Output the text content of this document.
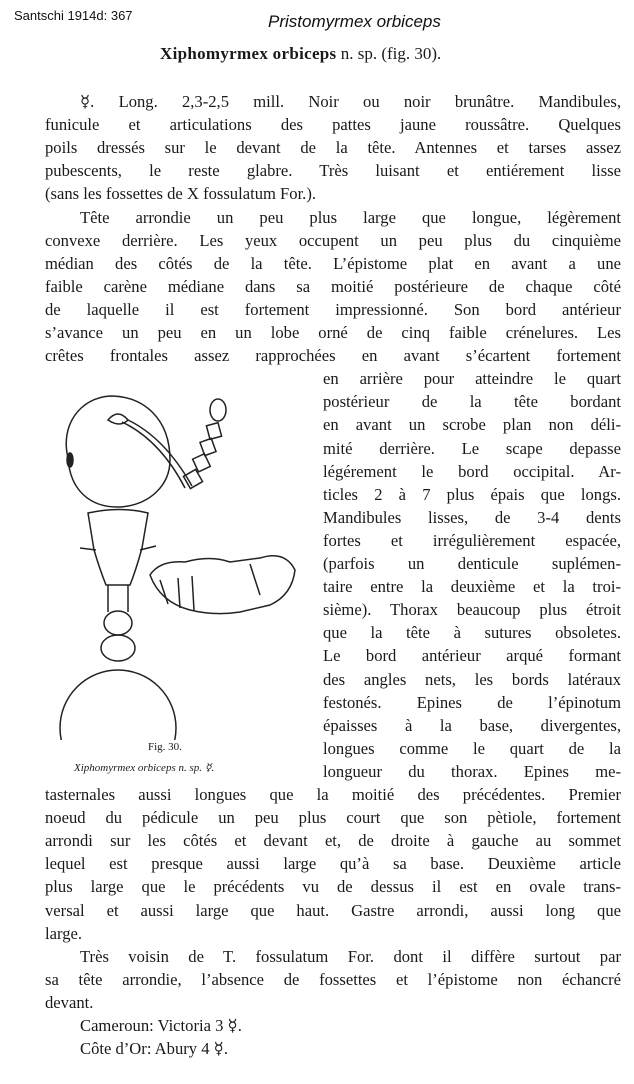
Santschi 1914d: 367	Pristomyrmex orbiceps
Xiphomyrmex orbiceps n. sp. (fig. 30).
☿. Long. 2,3-2,5 mill. Noir ou noir brunâtre. Mandibules,
funicule et articulations des pattes jaune roussâtre. Quelques
poils dressés sur le devant de la tête. Antennes et tarses assez
pubescents, le reste glabre. Très luisant et entiérement lisse
(sans les fossettes de X fossulatum For.).
Tête arrondie un peu plus large que longue, légèrement
convexe derrière. Les yeux occupent un peu plus du cinquième
médian des côtés de la tête. L’épistome plat en avant a une
faible carène médiane dans sa moitié postérieure de chaque côté
de laquelle il est fortement impressionné. Son bord antérieur
s’avance un peu en un lobe orné de cinq faible crénelures. Les
crêtes frontales assez rapprochées en avant s’écartent fortement
en arrière pour atteindre le quart
postérieur de la tête bordant
en avant un scrobe plan non déli-
mité derrière. Le scape depasse
légérement le bord occipital. Ar-
ticles 2 à 7 plus épais que longs.
Mandibules lisses, de 3-4 dents
fortes et irrégulièrement espacée,
(parfois un denticule suplémen-
taire entre la deuxième et la troi-
sième). Thorax beaucoup plus étroit
que la tête à sutures obsoletes.
Le bord antérieur arqué formant
des angles nets, les bords latéraux
festonés. Epines de l’épinotum
épaisses à la base, divergentes,
longues comme le quart de la
longueur du thorax. Epines me-
tasternales aussi longues que la moitié des précédentes. Premier
noeud du pédicule un peu plus court que son pètiole, fortement
arrondi sur les côtés et devant et, de droite à gauche au sommet
lequel est presque aussi large qu’à sa base. Deuxième article
plus large que le précédents vu de dessus il est en ovale trans-
versal et aussi large que haut. Gastre arrondi, aussi long que
large.
Très voisin de T. fossulatum For. dont il diffère surtout par
sa tête arrondie, l’absence de fossettes et l’épistome non échancré
devant.
Cameroun: Victoria 3 ☿.
Côte d’Or: Abury 4 ☿.
Fig. 30.
Xiphomyrmex orbiceps n. sp. ☿.
